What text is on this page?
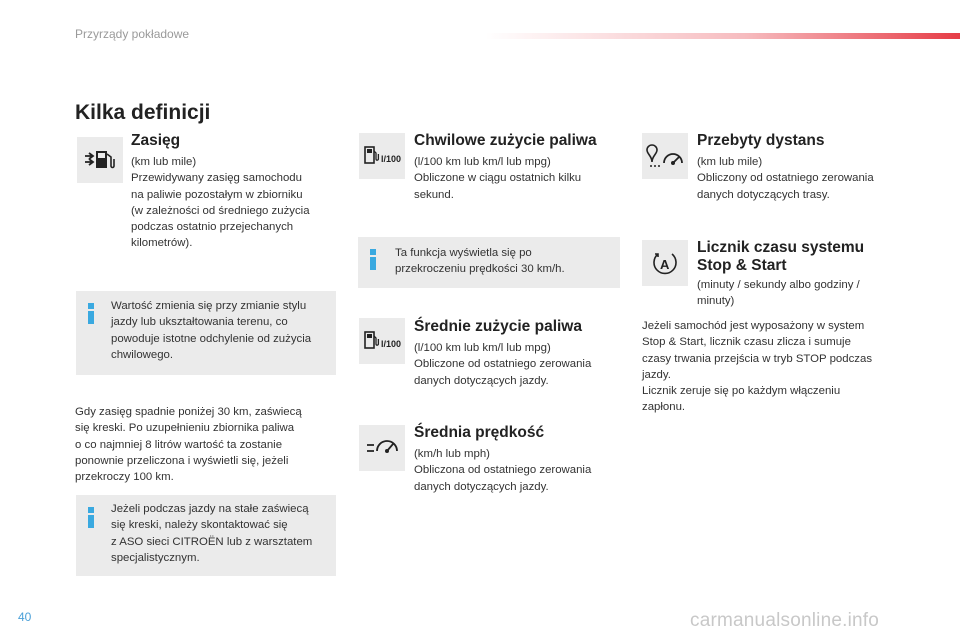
Przyrządy pokładowe
Kilka definicji
Zasięg
(km lub mile)
Przewidywany zasięg samochodu
na paliwie pozostałym w zbiorniku
(w zależności od średniego zużycia
podczas ostatnio przejechanych
kilometrów).
Wartość zmienia się przy zmianie stylu
jazdy lub ukształtowania terenu, co
powoduje istotne odchylenie od zużycia
chwilowego.
Gdy zasięg spadnie poniżej 30 km, zaświecą
się kreski. Po uzupełnieniu zbiornika paliwa
o co najmniej 8 litrów wartość ta zostanie
ponownie przeliczona i wyświetli się, jeżeli
przekroczy 100 km.
Jeżeli podczas jazdy na stałe zaświecą
się kreski, należy skontaktować się
z ASO sieci CITROËN lub z warsztatem
specjalistycznym.
l/100
Chwilowe zużycie paliwa
(l/100 km lub km/l lub mpg)
Obliczone w ciągu ostatnich kilku
sekund.
Ta funkcja wyświetla się po
przekroczeniu prędkości 30 km/h.
l/100
Średnie zużycie paliwa
(l/100 km lub km/l lub mpg)
Obliczone od ostatniego zerowania
danych dotyczących jazdy.
Średnia prędkość
(km/h lub mph)
Obliczona od ostatniego zerowania
danych dotyczących jazdy.
Przebyty dystans
(km lub mile)
Obliczony od ostatniego zerowania
danych dotyczących trasy.
A
Licznik czasu systemu
Stop & Start
(minuty / sekundy albo godziny /
minuty)
Jeżeli samochód jest wyposażony w system
Stop & Start, licznik czasu zlicza i sumuje
czasy trwania przejścia w tryb STOP podczas
jazdy.
Licznik zeruje się po każdym włączeniu
zapłonu.
40	carmanualsonline.info
